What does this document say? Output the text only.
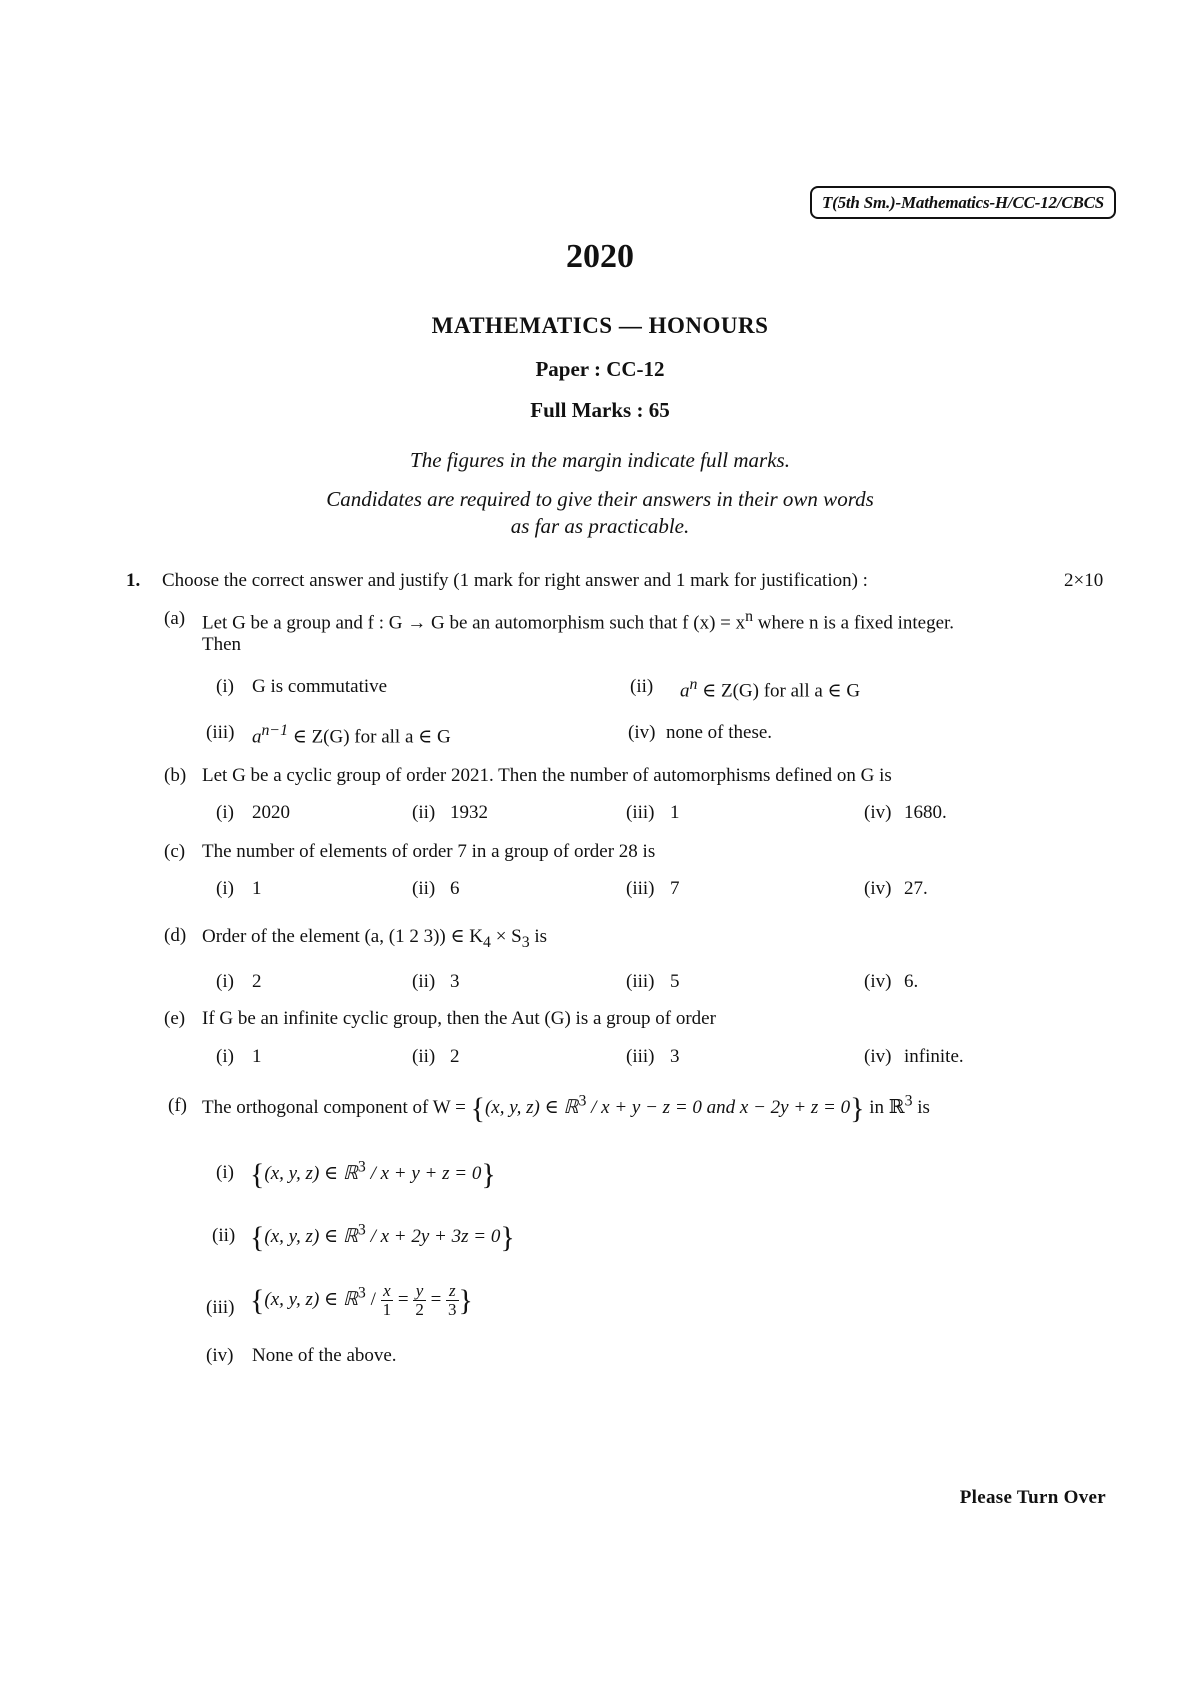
T(5th Sm.)-Mathematics-H/CC-12/CBCS
2020
MATHEMATICS — HONOURS
Paper : CC-12
Full Marks : 65
The figures in the margin indicate full marks.
Candidates are required to give their answers in their own words
as far as practicable.
1. Choose the correct answer and justify (1 mark for right answer and 1 mark for justification) :	2×10
(a) Let G be a group and f : G → G be an automorphism such that f $(x) = x^n$ where n is a fixed integer.
Then
(i) G is commutative	(ii) $a^n$ ∈ Z(G) for all a ∈ G
(iii) $a^{n-1}$ ∈ Z(G) for all a ∈ G	(iv) none of these.
(b) Let G be a cyclic group of order 2021. Then the number of automorphisms defined on G is
(i) 2020	(ii) 1932	(iii) 1	(iv) 1680.
(c) The number of elements of order 7 in a group of order 28 is
(i) 1	(ii) 6	(iii) 7	(iv) 27.
(d) Order of the element (a, (1 2 3)) ∈ $K_4 \times S_3$ is
(i) 2	(ii) 3	(iii) 5	(iv) 6.
(e) If G be an infinite cyclic group, then the Aut (G) is a group of order
(i) 1	(ii) 2	(iii) 3	(iv) infinite.
(f) The orthogonal component of W = {(x, y, z) ∈ ℝ$^3$ / x + y − z = 0 and x − 2y + z = 0} in ℝ$^3$ is
(i) {(x, y, z) ∈ ℝ$^3$ / x + y + z = 0}
(ii) {(x, y, z) ∈ ℝ$^3$ / x + 2y + 3z = 0}
(iii) {(x, y, z) ∈ ℝ$^3$ / $\frac{x}{1} = \frac{y}{2} = \frac{z}{3}$ }
(iv) None of the above.
Please Turn Over
